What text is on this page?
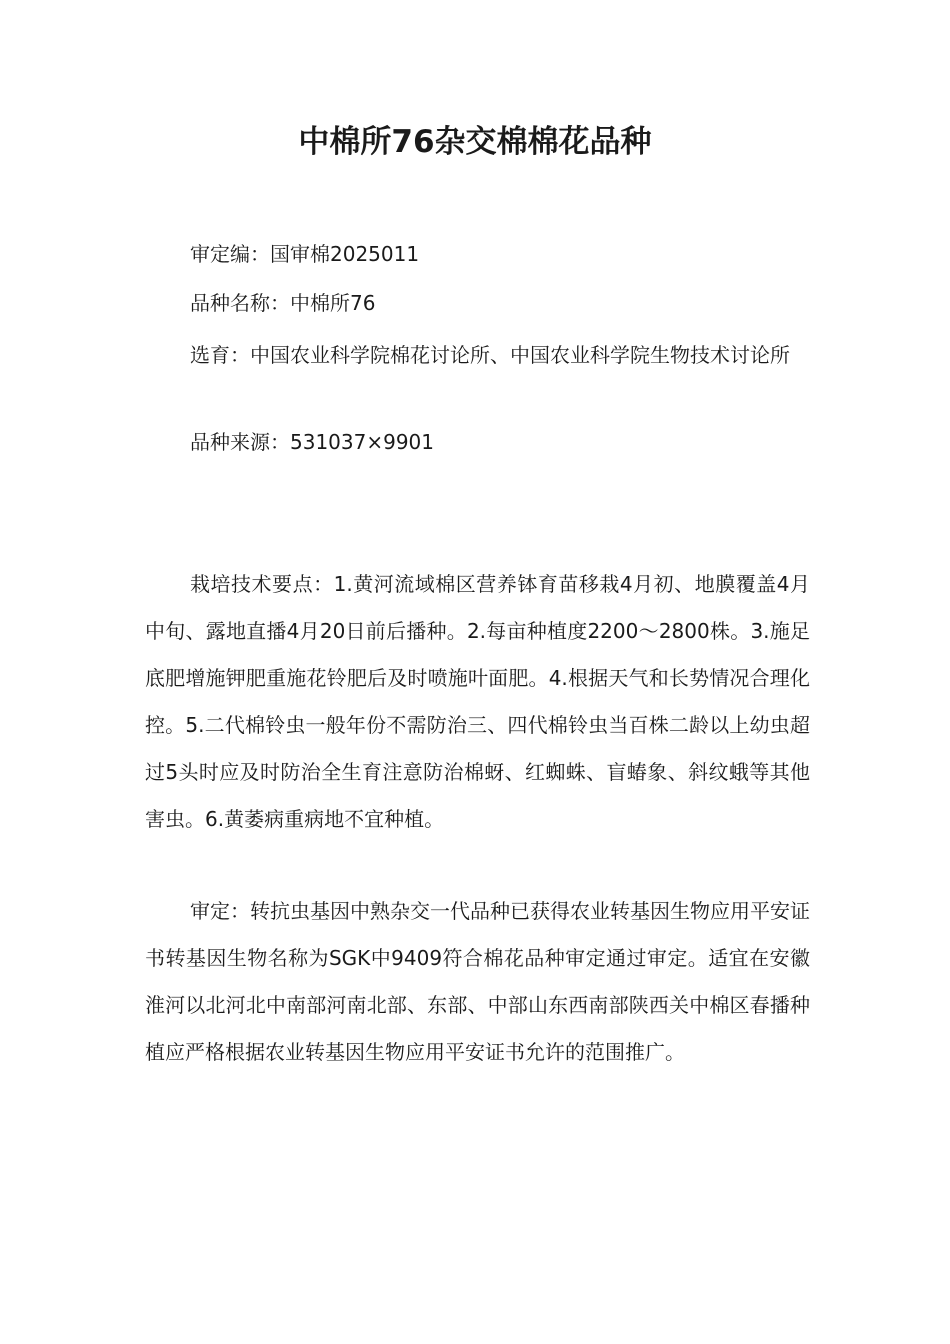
中棉所76杂交棉棉花品种
审定编：国审棉2025011
品种名称：中棉所76
选育：中国农业科学院棉花讨论所、中国农业科学院生物技术讨论所
品种来源：531037×9901
栽培技术要点：1.黄河流域棉区营养钵育苗移栽4月初、地膜覆盖4月中旬、露地直播4月20日前后播种。2.每亩种植度2200～2800株。3.施足底肥增施钾肥重施花铃肥后及时喷施叶面肥。4.根据天气和长势情况合理化控。5.二代棉铃虫一般年份不需防治三、四代棉铃虫当百株二龄以上幼虫超过5头时应及时防治全生育注意防治棉蚜、红蜘蛛、盲蝽象、斜纹蛾等其他害虫。6.黄萎病重病地不宜种植。
审定：转抗虫基因中熟杂交一代品种已获得农业转基因生物应用平安证书转基因生物名称为SGK中9409符合棉花品种审定通过审定。适宜在安徽淮河以北河北中南部河南北部、东部、中部山东西南部陕西关中棉区春播种植应严格根据农业转基因生物应用平安证书允许的范围推广。
